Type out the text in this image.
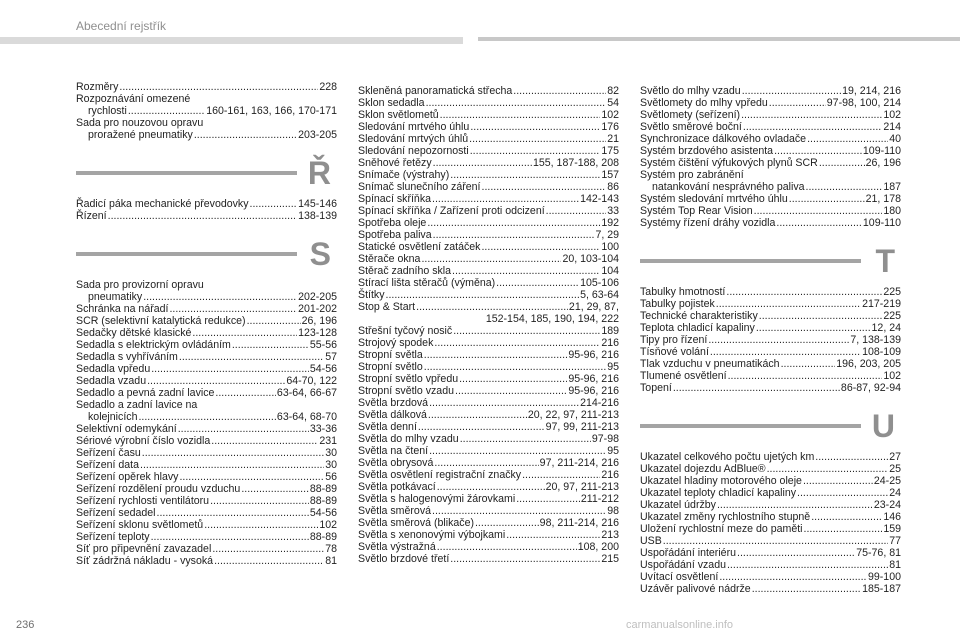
Abecední rejstřík
Rozměry .....	228
Rozpoznávání omezené
rychlosti .....	160-161, 163, 166, 170-171
Sada pro nouzovou opravu
proražené pneumatiky .....	203-205
Ř
Řadicí páka mechanické převodovky .....	145-146
Řízení .....	138-139
S
Sada pro provizorní opravu
pneumatiky .....	202-205
Schránka na nářadí .....	201-202
SCR (selektivní katalytická redukce) .....	26, 196
Sedačky dětské klasické .....	123-128
Sedadla s elektrickým ovládáním .....	55-56
Sedadla s vyhříváním .....	57
Sedadla vpředu .....	54-56
Sedadla vzadu .....	64-70, 122
Sedadlo a pevná zadní lavice .....	63-64, 66-67
Sedadlo a zadní lavice na
kolejnicích .....	63-64, 68-70
Selektivní odemykání .....	33-36
Sériové výrobní číslo vozidla .....	231
Seřízení času .....	30
Seřízení data .....	30
Seřízení opěrek hlavy .....	56
Seřízení rozdělení proudu vzduchu .....	88-89
Seřízení rychlosti ventilátoru .....	88-89
Seřízení sedadel .....	54-56
Seřízení sklonu světlometů .....	102
Seřízení teploty .....	88-89
Síť pro připevnění zavazadel .....	78
Síť zádržná nákladu - vysoká .....	81
Skleněná panoramatická střecha .....	82
Sklon sedadla .....	54
Sklon světlometů .....	102
Sledování mrtvého úhlu .....	176
Sledování mrtvých úhlů .....	21
Sledování nepozornosti .....	175
Sněhové řetězy .....	155, 187-188, 208
Snímače (výstrahy) .....	157
Snímač slunečního záření .....	86
Spínací skříňka .....	142-143
Spínací skříňka / Zařízení proti odcizení .....	33
Spotřeba oleje .....	192
Spotřeba paliva .....	7, 29
Statické osvětlení zatáček .....	100
Stěrače okna .....	20, 103-104
Stěrač zadního skla .....	104
Stírací lišta stěračů (výměna) .....	105-106
Štítky .....	5, 63-64
Stop & Start .....	21, 29, 87,
152-154, 185, 190, 194, 222
Střešní tyčový nosič .....	189
Strojový spodek .....	216
Stropní světla .....	95-96, 216
Stropní světlo .....	95
Stropní světlo vpředu .....	95-96, 216
Stropní světlo vzadu .....	95-96, 216
Světla brzdová .....	214-216
Světla dálková .....	20, 22, 97, 211-213
Světla denní .....	97, 99, 211-213
Světla do mlhy vzadu .....	97-98
Světla na čtení .....	95
Světla obrysová .....	97, 211-214, 216
Světla osvětlení registrační značky .....	216
Světla potkávací .....	20, 97, 211-213
Světla s halogenovými žárovkami .....	211-212
Světla směrová .....	98
Světla směrová (blikače) .....	98, 211-214, 216
Světla s xenonovými výbojkami .....	213
Světla výstražná .....	108, 200
Světlo brzdové třetí .....	215
Světlo do mlhy vzadu .....	19, 214, 216
Světlomety do mlhy vpředu .....	97-98, 100, 214
Světlomety (seřízení) .....	102
Světlo směrové boční .....	214
Synchronizace dálkového ovladače .....	40
Systém brzdového asistenta .....	109-110
Systém čištění výfukových plynů SCR .....	26, 196
Systém pro zabránění
natankování nesprávného paliva .....	187
Systém sledování mrtvého úhlu .....	21, 178
Systém Top Rear Vision .....	180
Systémy řízení dráhy vozidla .....	109-110
T
Tabulky hmotností .....	225
Tabulky pojistek .....	217-219
Technické charakteristiky .....	225
Teplota chladicí kapaliny .....	12, 24
Tipy pro řízení .....	7, 138-139
Tísňové volání .....	108-109
Tlak vzduchu v pneumatikách .....	196, 203, 205
Tlumené osvětlení .....	102
Topení .....	86-87, 92-94
U
Ukazatel celkového počtu ujetých km .....	27
Ukazatel dojezdu AdBlue® .....	25
Ukazatel hladiny motorového oleje .....	24-25
Ukazatel teploty chladicí kapaliny .....	24
Ukazatel údržby .....	23-24
Ukazatel změny rychlostního stupně .....	146
Uložení rychlostní meze do paměti .....	159
USB .....	77
Uspořádání interiéru .....	75-76, 81
Uspořádání vzadu .....	81
Uvítací osvětlení .....	99-100
Uzávěr palivové nádrže .....	185-187
236	carmanualsonline.info
